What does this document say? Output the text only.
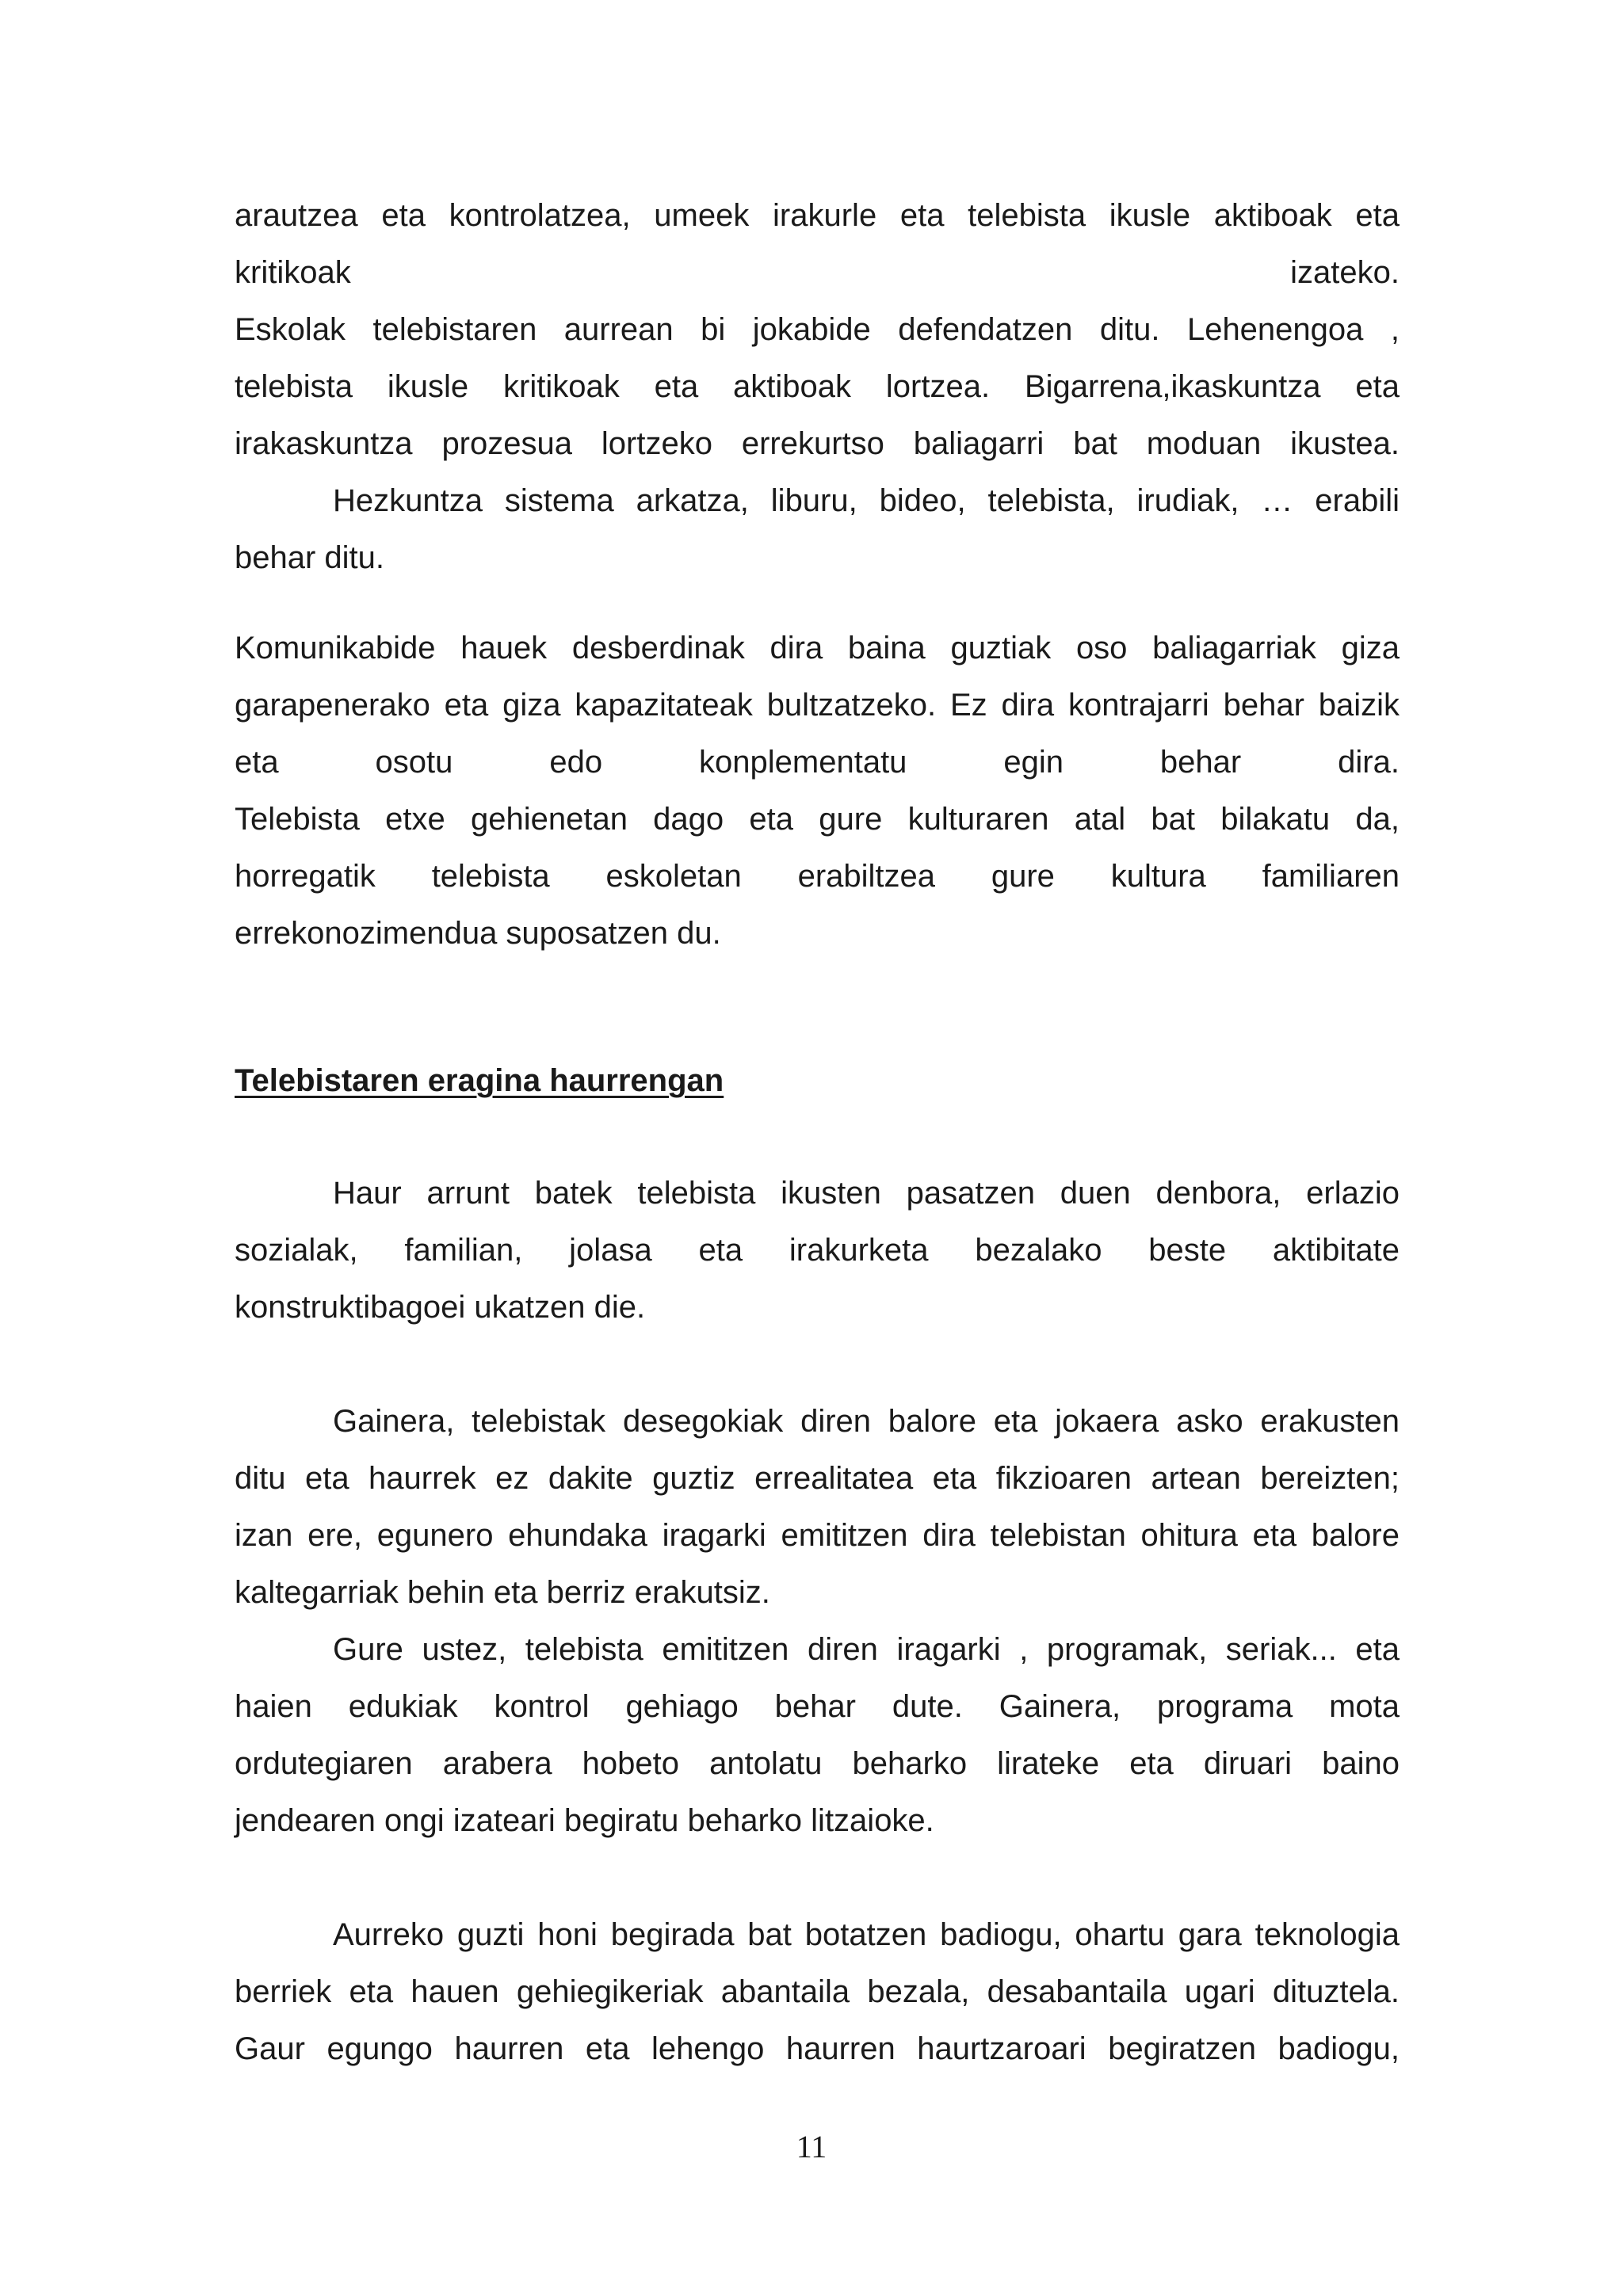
arautzea eta kontrolatzea, umeek irakurle eta telebista ikusle aktiboak eta
kritikoak izateko.
Eskolak telebistaren aurrean bi jokabide defendatzen ditu. Lehenengoa ,
telebista ikusle kritikoak eta aktiboak lortzea. Bigarrena,ikaskuntza eta
irakaskuntza prozesua lortzeko errekurtso baliagarri bat moduan ikustea.
Hezkuntza sistema arkatza, liburu, bideo, telebista, irudiak, … erabili
behar ditu.
Komunikabide hauek desberdinak dira baina guztiak oso baliagarriak giza
garapenerako eta giza kapazitateak bultzatzeko. Ez dira kontrajarri behar baizik
eta osotu edo konplementatu egin behar dira.
Telebista etxe gehienetan dago eta gure kulturaren atal bat bilakatu da,
horregatik telebista eskoletan erabiltzea gure kultura familiaren
errekonozimendua suposatzen du.
Telebistaren eragina haurrengan
Haur arrunt batek telebista ikusten pasatzen duen denbora, erlazio
sozialak, familian, jolasa eta irakurketa bezalako beste aktibitate
konstruktibagoei ukatzen die.
Gainera, telebistak desegokiak diren balore eta jokaera asko erakusten
ditu eta haurrek ez dakite guztiz errealitatea eta fikzioaren artean bereizten;
izan ere, egunero ehundaka iragarki emititzen dira telebistan ohitura eta balore
kaltegarriak behin eta berriz erakutsiz.
Gure ustez, telebista emititzen diren iragarki , programak, seriak... eta
haien edukiak kontrol gehiago behar dute. Gainera, programa mota
ordutegiaren arabera hobeto antolatu beharko lirateke eta diruari baino
jendearen ongi izateari begiratu beharko litzaioke.
Aurreko guzti honi begirada bat botatzen badiogu, ohartu gara teknologia
berriek eta hauen gehiegikeriak abantaila bezala, desabantaila ugari dituztela.
Gaur egungo haurren eta lehengo haurren haurtzaroari begiratzen badiogu,
11
